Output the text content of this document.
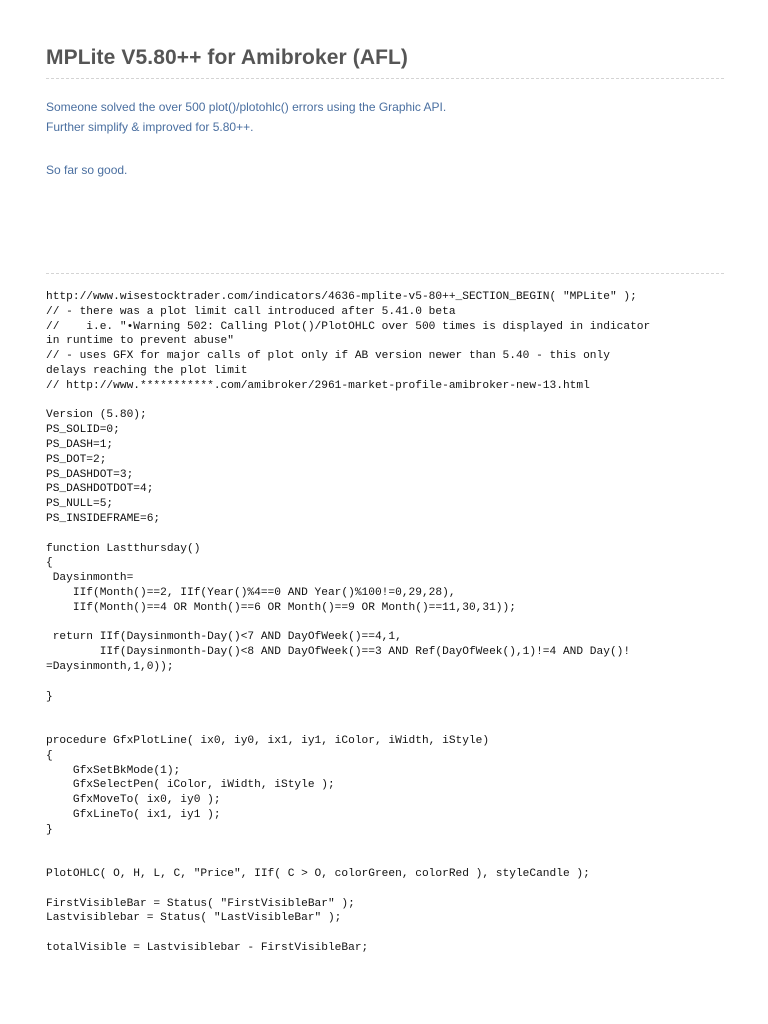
MPLite V5.80++ for Amibroker (AFL)

Someone solved the over 500 plot()/plotohlc() errors using the Graphic API.

Further simplify & improved for 5.80++.

So far so good.

http://www.wisestocktrader.com/indicators/4636-mplite-v5-80++_SECTION_BEGIN( "MPLite" );
// - there was a plot limit call introduced after 5.41.0 beta
//    i.e. "•Warning 502: Calling Plot()/PlotOHLC over 500 times is displayed in indicator
in runtime to prevent abuse"
// - uses GFX for major calls of plot only if AB version newer than 5.40 - this only
delays reaching the plot limit
// http://www.***********.com/amibroker/2961-market-profile-amibroker-new-13.html

Version (5.80);
PS_SOLID=0;
PS_DASH=1;
PS_DOT=2;
PS_DASHDOT=3;
PS_DASHDOTDOT=4;
PS_NULL=5;
PS_INSIDEFRAME=6;

function Lastthursday()
{
Daysinmonth=
IIf(Month()==2, IIf(Year()%4==0 AND Year()%100!=0,29,28),
IIf(Month()==4 OR Month()==6 OR Month()==9 OR Month()==11,30,31));

return IIf(Daysinmonth-Day()<7 AND DayOfWeek()==4,1,
IIf(Daysinmonth-Day()<8 AND DayOfWeek()==3 AND Ref(DayOfWeek(),1)!=4 AND Day()!
=Daysinmonth,1,0));

}

procedure GfxPlotLine( ix0, iy0, ix1, iy1, iColor, iWidth, iStyle)
{
GfxSetBkMode(1);
GfxSelectPen( iColor, iWidth, iStyle );
GfxMoveTo( ix0, iy0 );
GfxLineTo( ix1, iy1 );
}

PlotOHLC( O, H, L, C, "Price", IIf( C > O, colorGreen, colorRed ), styleCandle );

FirstVisibleBar = Status( "FirstVisibleBar" );
Lastvisiblebar = Status( "LastVisibleBar" );

totalVisible = Lastvisiblebar - FirstVisibleBar;
